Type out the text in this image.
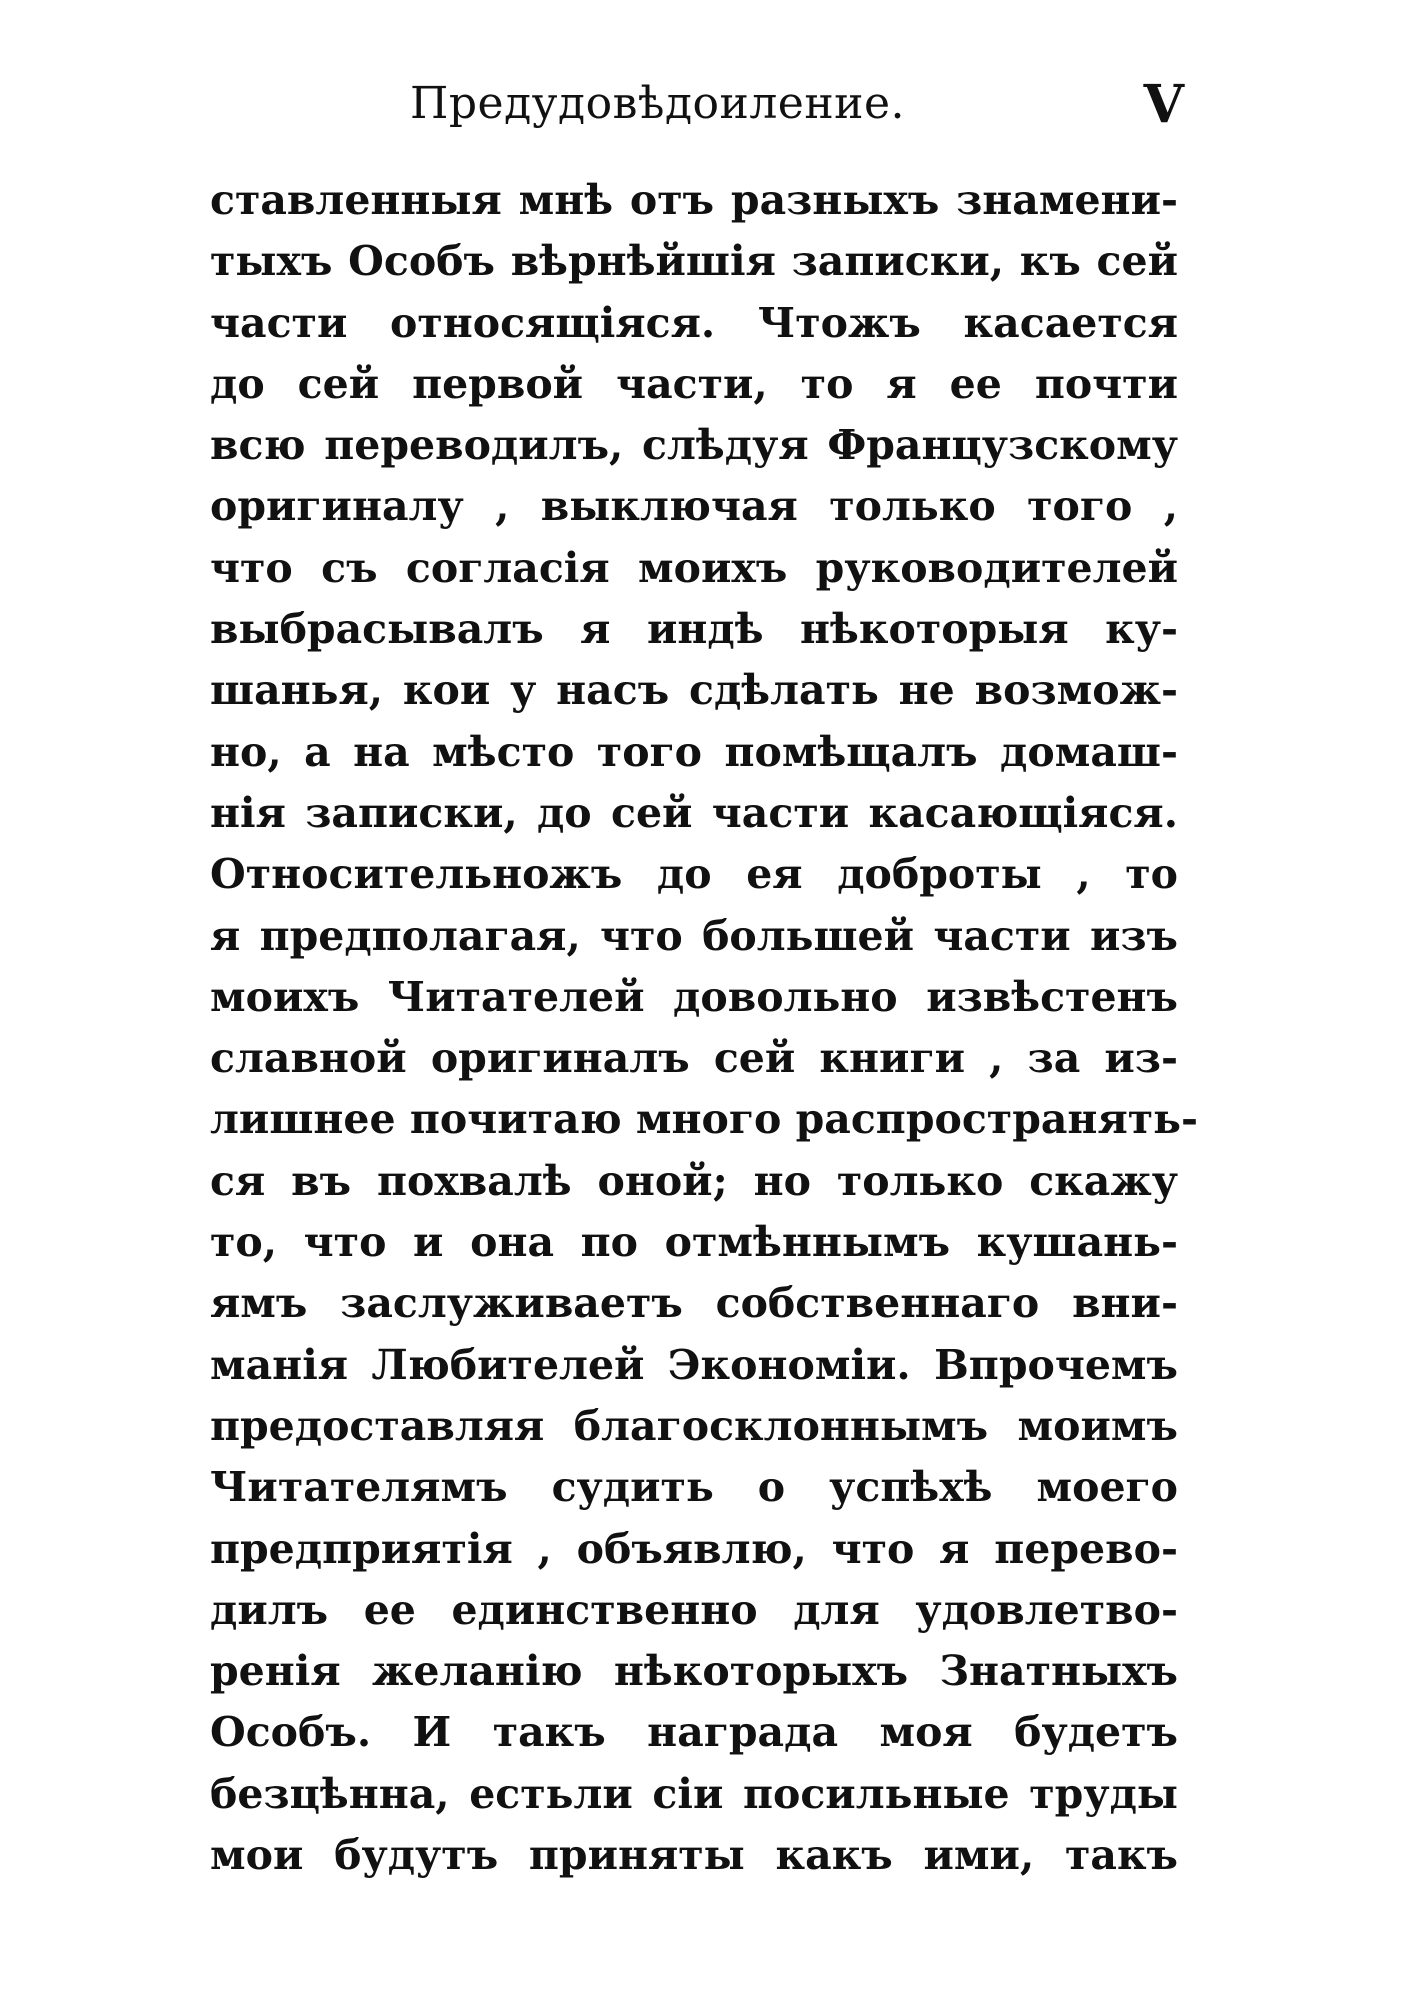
Предудовѣдоилениe.	V
ставленныя мнѣ отъ разныхъ знамени-
тыхъ Особъ вѣрнѣйшiя записки, къ сей
части относящiяся. Чтожъ касается
до сей первой части, то я ее почти
всю переводилъ, слѣдуя Французскому
оригиналу , выключая только того ,
что съ согласiя моихъ руководителей
выбрасывалъ я индѣ нѣкоторыя ку-
шанья, кои у насъ сдѣлать не возмож-
но, а на мѣсто того помѣщалъ домаш-
нiя записки, до сей части касающiяся.
Относительножъ до ея доброты , то
я предполагая, что большей части изъ
моихъ Читателей довольно извѣстенъ
славной оригиналъ сей книги , за из-
лишнее почитаю много распространять-
ся въ похвалѣ оной; но только скажу
то, что и она по отмѣннымъ кушань-
ямъ заслуживаетъ собственнаго вни-
манiя Любителей Экономiи. Впрочемъ
предоставляя благосклоннымъ моимъ
Читателямъ судить о успѣхѣ моего
предприятiя , объявлю, что я перево-
дилъ ее единственно для удовлетво-
ренiя желанiю нѣкоторыхъ Знатныхъ
Особъ. И такъ награда моя будетъ
безцѣнна, естьли сiи посильные труды
мои будутъ приняты какъ ими, такъ
